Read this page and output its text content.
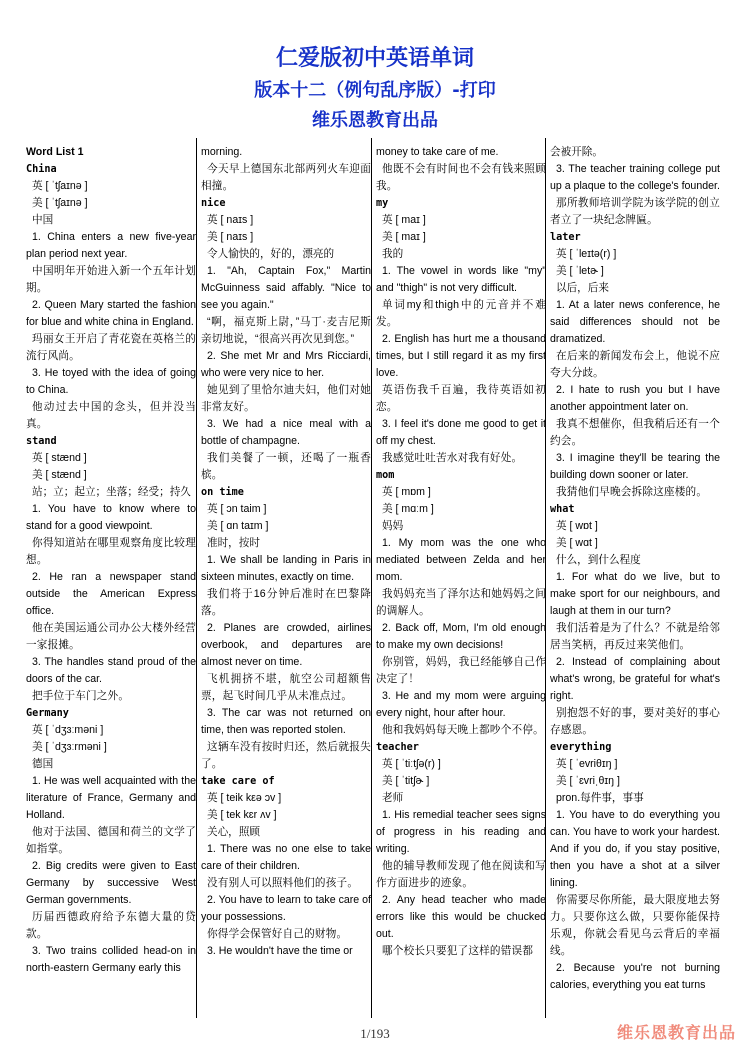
仁爱版初中英语单词
版本十二（例句乱序版）-打印
维乐恩教育出品
Word List 1
China
英 [ ˈtʃaɪnə ]
美 [ ˈtʃaɪnə ]
中国
1. China enters a new five-year plan period next year.
中国明年开始进入新一个五年计划期。
2. Queen Mary started the fashion for blue and white china in England.
玛丽女王开启了青花瓷在英格兰的流行风尚。
3. He toyed with the idea of going to China.
他动过去中国的念头，但并没当真。
stand
英 [ stænd ]
美 [ stænd ]
站；立；起立；坐落；经受；持久
1. You have to know where to stand for a good viewpoint.
你得知道站在哪里观察角度比较理想。
2. He ran a newspaper stand outside the American Express office.
他在美国运通公司办公大楼外经营一家报摊。
3. The handles stand proud of the doors of the car.
把手位于车门之外。
Germany
英 [ ˈdʒɜːməni ]
美 [ ˈdʒɜːrməni ]
德国
1. He was well acquainted with the literature of France, Germany and Holland.
他对于法国、德国和荷兰的文学了如指掌。
2. Big credits were given to East Germany by successive West German governments.
历届西德政府给予东德大量的贷款。
3. Two trains collided head-on in north-eastern Germany early this
morning.
今天早上德国东北部两列火车迎面相撞。
nice
英 [ naɪs ]
美 [ naɪs ]
令人愉快的，好的，漂亮的
1. "Ah, Captain Fox," Martin McGuinness said affably. "Nice to see you again."
“啊，福克斯上尉，”马丁·麦吉尼斯亲切地说，“很高兴再次见到您。”
2. She met Mr and Mrs Ricciardi, who were very nice to her.
她见到了里恰尔迪夫妇，他们对她非常友好。
3. We had a nice meal with a bottle of champagne.
我们美餐了一顿，还喝了一瓶香槟。
on time
英 [ ɔn taim ]
美 [ ɑn taɪm ]
准时，按时
1. We shall be landing in Paris in sixteen minutes, exactly on time.
我们将于16分钟后准时在巴黎降落。
2. Planes are crowded, airlines overbook, and departures are almost never on time.
飞机拥挤不堪，航空公司超额售票，起飞时间几乎从未准点过。
3. The car was not returned on time, then was reported stolen.
这辆车没有按时归还，然后就报失了。
take care of
英 [ teik kεə ɔv ]
美 [ tek kɛr ʌv ]
关心，照顾
1. There was no one else to take care of their children.
没有别人可以照料他们的孩子。
2. You have to learn to take care of your possessions.
你得学会保管好自己的财物。
3. He wouldn't have the time or
money to take care of me.
他既不会有时间也不会有钱来照顾我。
my
英 [ maɪ ]
美 [ maɪ ]
我的
1. The vowel in words like "my" and "thigh" is not very difficult.
单词my和thigh中的元音并不难发。
2. English has hurt me a thousand times, but I still regard it as my first love.
英语伤我千百遍，我待英语如初恋。
3. I feel it's done me good to get it off my chest.
我感觉吐吐苦水对我有好处。
mom
英 [ mɒm ]
美 [ mɑːm ]
妈妈
1. My mom was the one who mediated between Zelda and her mom.
我妈妈充当了泽尔达和她妈妈之间的调解人。
2. Back off, Mom, I'm old enough to make my own decisions!
你别管，妈妈，我已经能够自己作决定了！
3. He and my mom were arguing every night, hour after hour.
他和我妈妈每天晚上都吵个不停。
teacher
英 [ ˈtiːtʃə(r) ]
美 [ ˈtitʃɚ ]
老师
1. His remedial teacher sees signs of progress in his reading and writing.
他的辅导教师发现了他在阅读和写作方面进步的迹象。
2. Any head teacher who made errors like this would be chucked out.
哪个校长只要犯了这样的错误都
会被开除。
3. The teacher training college put up a plaque to the college's founder.
那所教师培训学院为该学院的创立者立了一块纪念牌匾。
later
英 [ ˈleɪtə(r) ]
美 [ ˈletɚ ]
以后，后来
1. At a later news conference, he said differences should not be dramatized.
在后来的新闻发布会上，他说不应夸大分歧。
2. I hate to rush you but I have another appointment later on.
我真不想催你，但我稍后还有一个约会。
3. I imagine they'll be tearing the building down sooner or later.
我猜他们早晚会拆除这座楼的。
what
英 [ wɒt ]
美 [ wɑt ]
什么，到什么程度
1. For what do we live, but to make sport for our neighbours, and laugh at them in our turn?
我们活着是为了什么？不就是给邻居当笑柄，再反过来笑他们。
2. Instead of complaining about what's wrong, be grateful for what's right.
别抱怨不好的事，要对美好的事心存感恩。
everything
英 [ ˈevriθɪŋ ]
美 [ ˈɛvriˌθɪŋ ]
pron.每件事，事事
1. You have to do everything you can. You have to work your hardest. And if you do, if you stay positive, then you have a shot at a silver lining.
你需要尽你所能，最大限度地去努力。只要你这么做，只要你能保持乐观，你就会看见乌云背后的幸福线。
2. Because you're not burning calories, everything you eat turns
1/193	维乐恩教育出品
